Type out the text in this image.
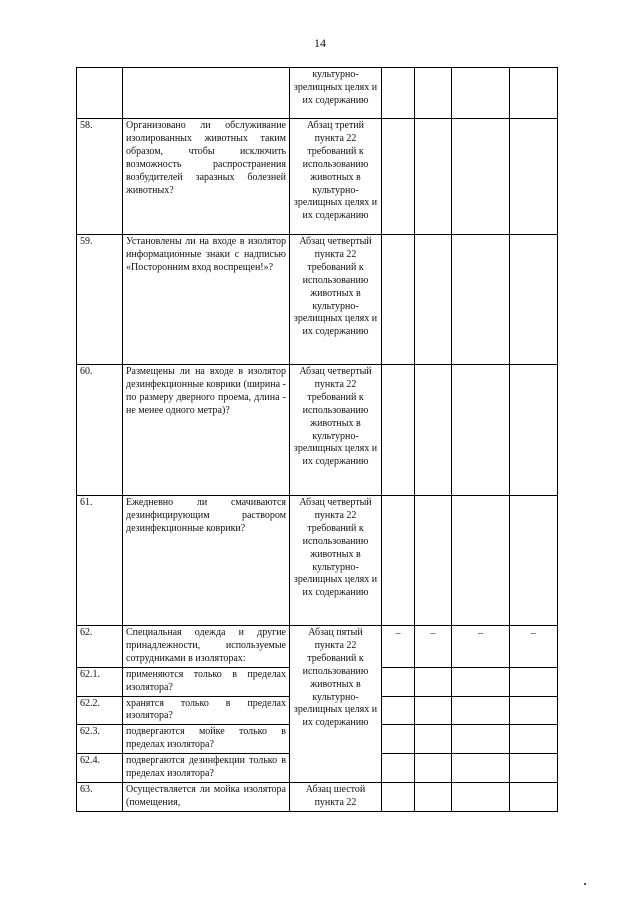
14
		культурно-зрелищных целях и их содержанию				
58.	Организовано ли обслуживание изолированных животных таким образом, чтобы исключить возможность распространения возбудителей заразных болезней животных?	Абзац третий пункта 22 требований к использованию животных в культурно-зрелищных целях и их содержанию				
59.	Установлены ли на входе в изолятор информационные знаки с надписью «Посторонним вход воспрещен!»?	Абзац четвертый пункта 22 требований к использованию животных в культурно-зрелищных целях и их содержанию				
60.	Размещены ли на входе в изолятор дезинфекционные коврики (ширина - по размеру дверного проема, длина - не менее одного метра)?	Абзац четвертый пункта 22 требований к использованию животных в культурно-зрелищных целях и их содержанию				
61.	Ежедневно ли смачиваются дезинфицирующим раствором дезинфекционные коврики?	Абзац четвертый пункта 22 требований к использованию животных в культурно-зрелищных целях и их содержанию				
62.	Специальная одежда и другие принадлежности, используемые сотрудниками в изоляторах:	Абзац пятый пункта 22 требований к использованию животных в культурно-зрелищных целях и их содержанию	–	–	–	–
62.1.	применяются только в пределах изолятора?					
62.2.	хранятся только в пределах изолятора?					
62.3.	подвергаются мойке только в пределах изолятора?					
62.4.	подвергаются дезинфекции только в пределах изолятора?					
63.	Осуществляется ли мойка изолятора (помещения,	Абзац шестой пункта 22				
